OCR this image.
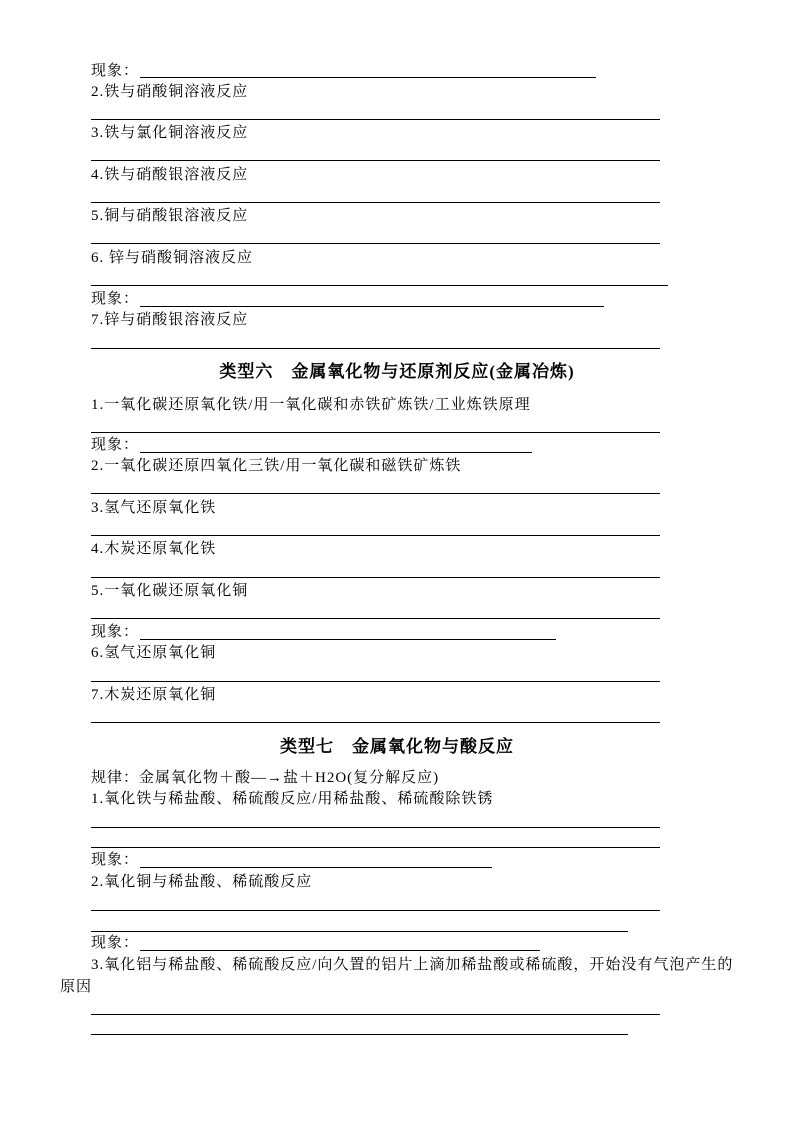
现象：
2.铁与硝酸铜溶液反应
3.铁与氯化铜溶液反应
4.铁与硝酸银溶液反应
5.铜与硝酸银溶液反应
6. 锌与硝酸铜溶液反应
现象：
7.锌与硝酸银溶液反应
类型六　金属氧化物与还原剂反应(金属冶炼)
1.一氧化碳还原氧化铁/用一氧化碳和赤铁矿炼铁/工业炼铁原理
现象：
2.一氧化碳还原四氧化三铁/用一氧化碳和磁铁矿炼铁
3.氢气还原氧化铁
4.木炭还原氧化铁
5.一氧化碳还原氧化铜
现象：
6.氢气还原氧化铜
7.木炭还原氧化铜
类型七　金属氧化物与酸反应
规律：金属氧化物＋酸—→盐＋H2O(复分解反应)
1.氧化铁与稀盐酸、稀硫酸反应/用稀盐酸、稀硫酸除铁锈
现象：
2.氧化铜与稀盐酸、稀硫酸反应
现象：
3.氧化铝与稀盐酸、稀硫酸反应/向久置的铝片上滴加稀盐酸或稀硫酸，开始没有气泡产生的
原因
